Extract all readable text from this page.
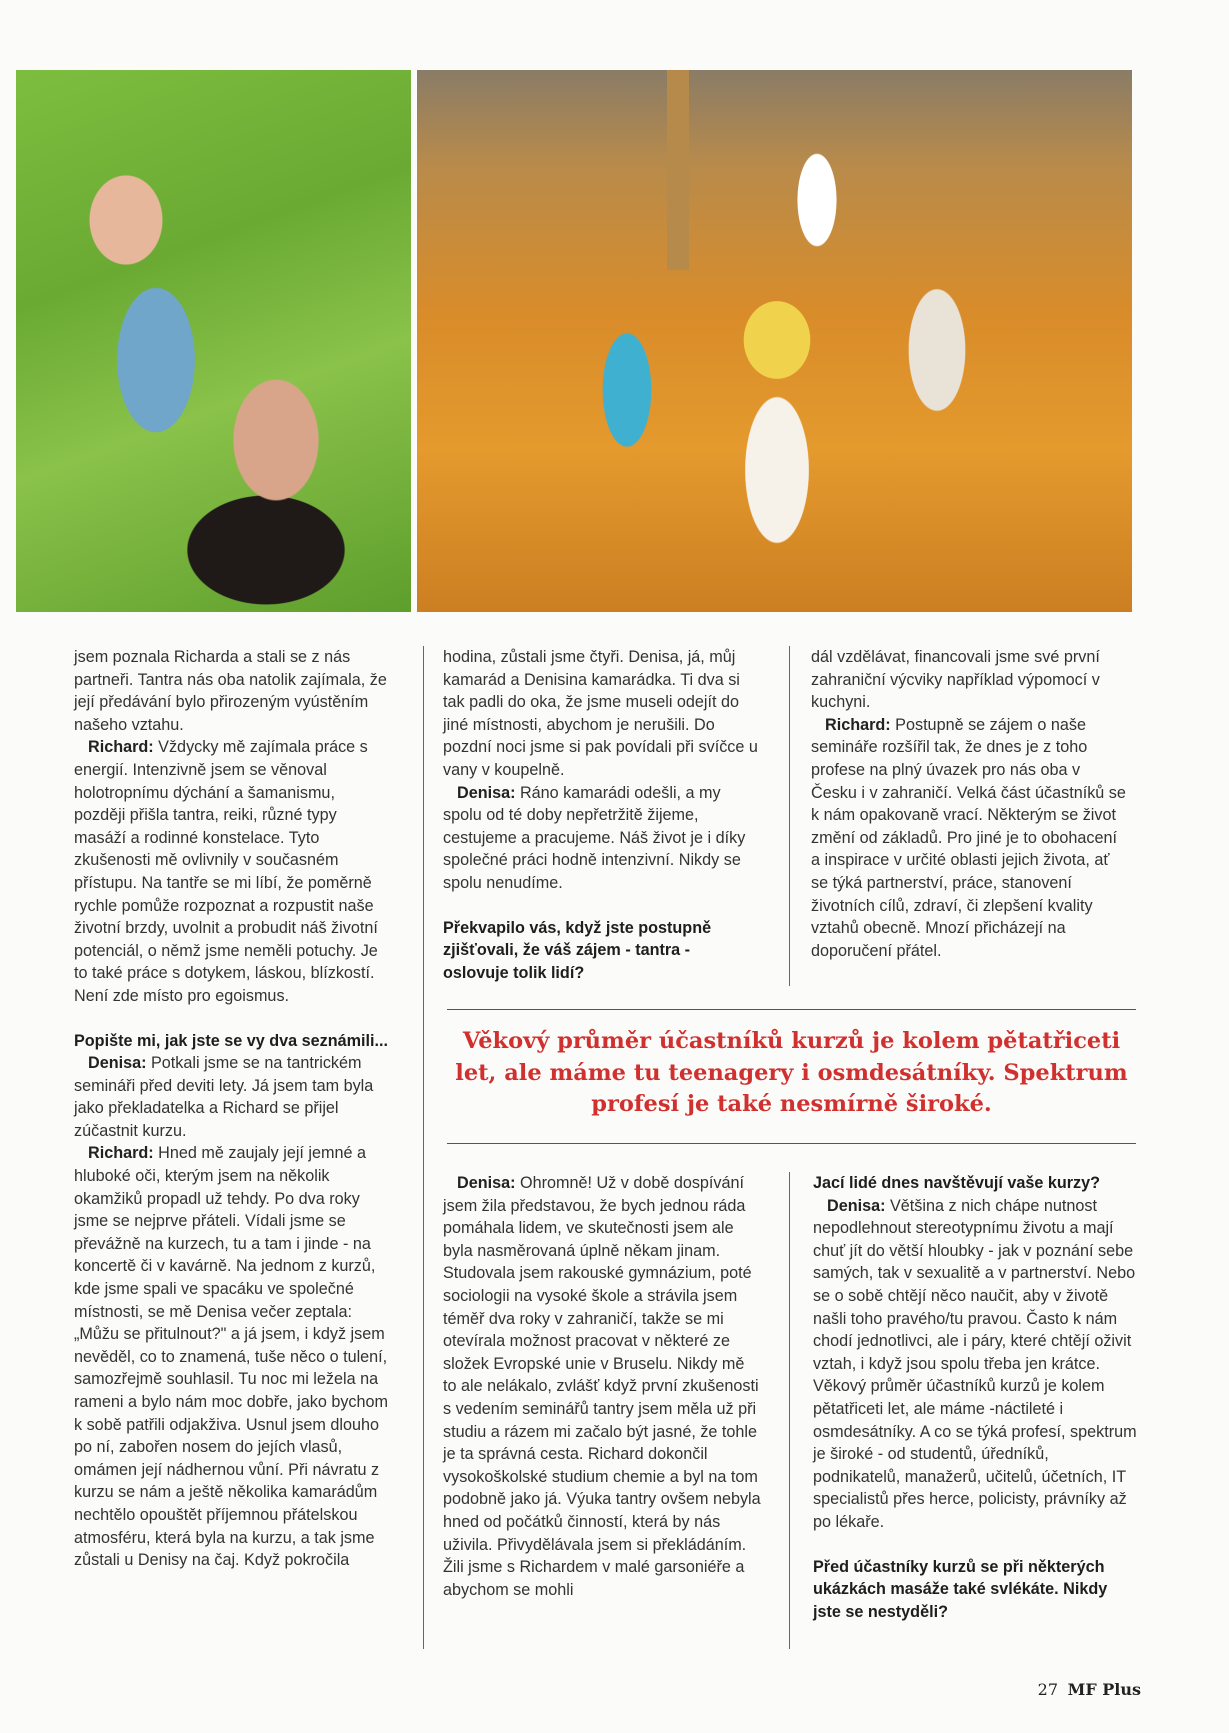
jsem poznala Richarda a stali se z nás partneři. Tantra nás oba natolik zajímala, že její předávání bylo přirozeným vyústěním našeho vztahu.

Richard: Vždycky mě zajímala práce s energií. Intenzivně jsem se věnoval holotropnímu dýchání a šamanismu, později přišla tantra, reiki, různé typy masáží a rodinné konstelace. Tyto zkušenosti mě ovlivnily v současném přístupu. Na tantře se mi líbí, že poměrně rychle pomůže rozpoznat a rozpustit naše životní brzdy, uvolnit a probudit náš životní potenciál, o němž jsme neměli potuchy. Je to také práce s dotykem, láskou, blízkostí. Není zde místo pro egoismus.

Popište mi, jak jste se vy dva seznámili...

Denisa: Potkali jsme se na tantrickém semináři před deviti lety. Já jsem tam byla jako překladatelka a Richard se přijel zúčastnit kurzu.

Richard: Hned mě zaujaly její jemné a hluboké oči, kterým jsem na několik okamžiků propadl už tehdy. Po dva roky jsme se nejprve přáteli. Vídali jsme se převážně na kurzech, tu a tam i jinde - na koncertě či v kavárně. Na jednom z kurzů, kde jsme spali ve spacáku ve společné místnosti, se mě Denisa večer zeptala: „Můžu se přitulnout?" a já jsem, i když jsem nevěděl, co to znamená, tuše něco o tulení, samozřejmě souhlasil. Tu noc mi ležela na rameni a bylo nám moc dobře, jako bychom k sobě patřili odjakživa. Usnul jsem dlouho po ní, zabořen nosem do jejích vlasů, omámen její nádhernou vůní. Při návratu z kurzu se nám a ještě několika kamarádům nechtělo opouštět příjemnou přátelskou atmosféru, která byla na kurzu, a tak jsme zůstali u Denisy na čaj. Když pokročila

hodina, zůstali jsme čtyři. Denisa, já, můj kamarád a Denisina kamarádka. Ti dva si tak padli do oka, že jsme museli odejít do jiné místnosti, abychom je nerušili. Do pozdní noci jsme si pak povídali při svíčce u vany v koupelně.

Denisa: Ráno kamarádi odešli, a my spolu od té doby nepřetržitě žijeme, cestujeme a pracujeme. Náš život je i díky společné práci hodně intenzivní. Nikdy se spolu nenudíme.

Překvapilo vás, když jste postupně zjišťovali, že váš zájem - tantra - oslovuje tolik lidí?

dál vzdělávat, financovali jsme své první zahraniční výcviky například výpomocí v kuchyni.

Richard: Postupně se zájem o naše semináře rozšířil tak, že dnes je z toho profese na plný úvazek pro nás oba v Česku i v zahraničí. Velká část účastníků se k nám opakovaně vrací. Některým se život změní od základů. Pro jiné je to obohacení a inspirace v určité oblasti jejich života, ať se týká partnerství, práce, stanovení životních cílů, zdraví, či zlepšení kvality vztahů obecně. Mnozí přicházejí na doporučení přátel.

Věkový průměr účastníků kurzů je kolem pětatřiceti let, ale máme tu teenagery i osmdesátníky. Spektrum profesí je také nesmírně široké.

Denisa: Ohromně! Už v době dospívání jsem žila představou, že bych jednou ráda pomáhala lidem, ve skutečnosti jsem ale byla nasměrovaná úplně někam jinam. Studovala jsem rakouské gymnázium, poté sociologii na vysoké škole a strávila jsem téměř dva roky v zahraničí, takže se mi otevírala možnost pracovat v některé ze složek Evropské unie v Bruselu. Nikdy mě to ale nelákalo, zvlášť když první zkušenosti s vedením seminářů tantry jsem měla už při studiu a rázem mi začalo být jasné, že tohle je ta správná cesta. Richard dokončil vysokoškolské studium chemie a byl na tom podobně jako já. Výuka tantry ovšem nebyla hned od počátků činností, která by nás uživila. Přivydělávala jsem si překládáním. Žili jsme s Richardem v malé garsoniéře a abychom se mohli

Jací lidé dnes navštěvují vaše kurzy?

Denisa: Většina z nich chápe nutnost nepodlehnout stereotypnímu životu a mají chuť jít do větší hloubky - jak v poznání sebe samých, tak v sexualitě a v partnerství. Nebo se o sobě chtějí něco naučit, aby v životě našli toho pravého/tu pravou. Často k nám chodí jednotlivci, ale i páry, které chtějí oživit vztah, i když jsou spolu třeba jen krátce. Věkový průměr účastníků kurzů je kolem pětatřiceti let, ale máme -náctileté i osmdesátníky. A co se týká profesí, spektrum je široké - od studentů, úředníků, podnikatelů, manažerů, učitelů, účetních, IT specialistů přes herce, policisty, právníky až po lékaře.

Před účastníky kurzů se při některých ukázkách masáže také svlékáte. Nikdy jste se nestyděli?

27 MF Plus
